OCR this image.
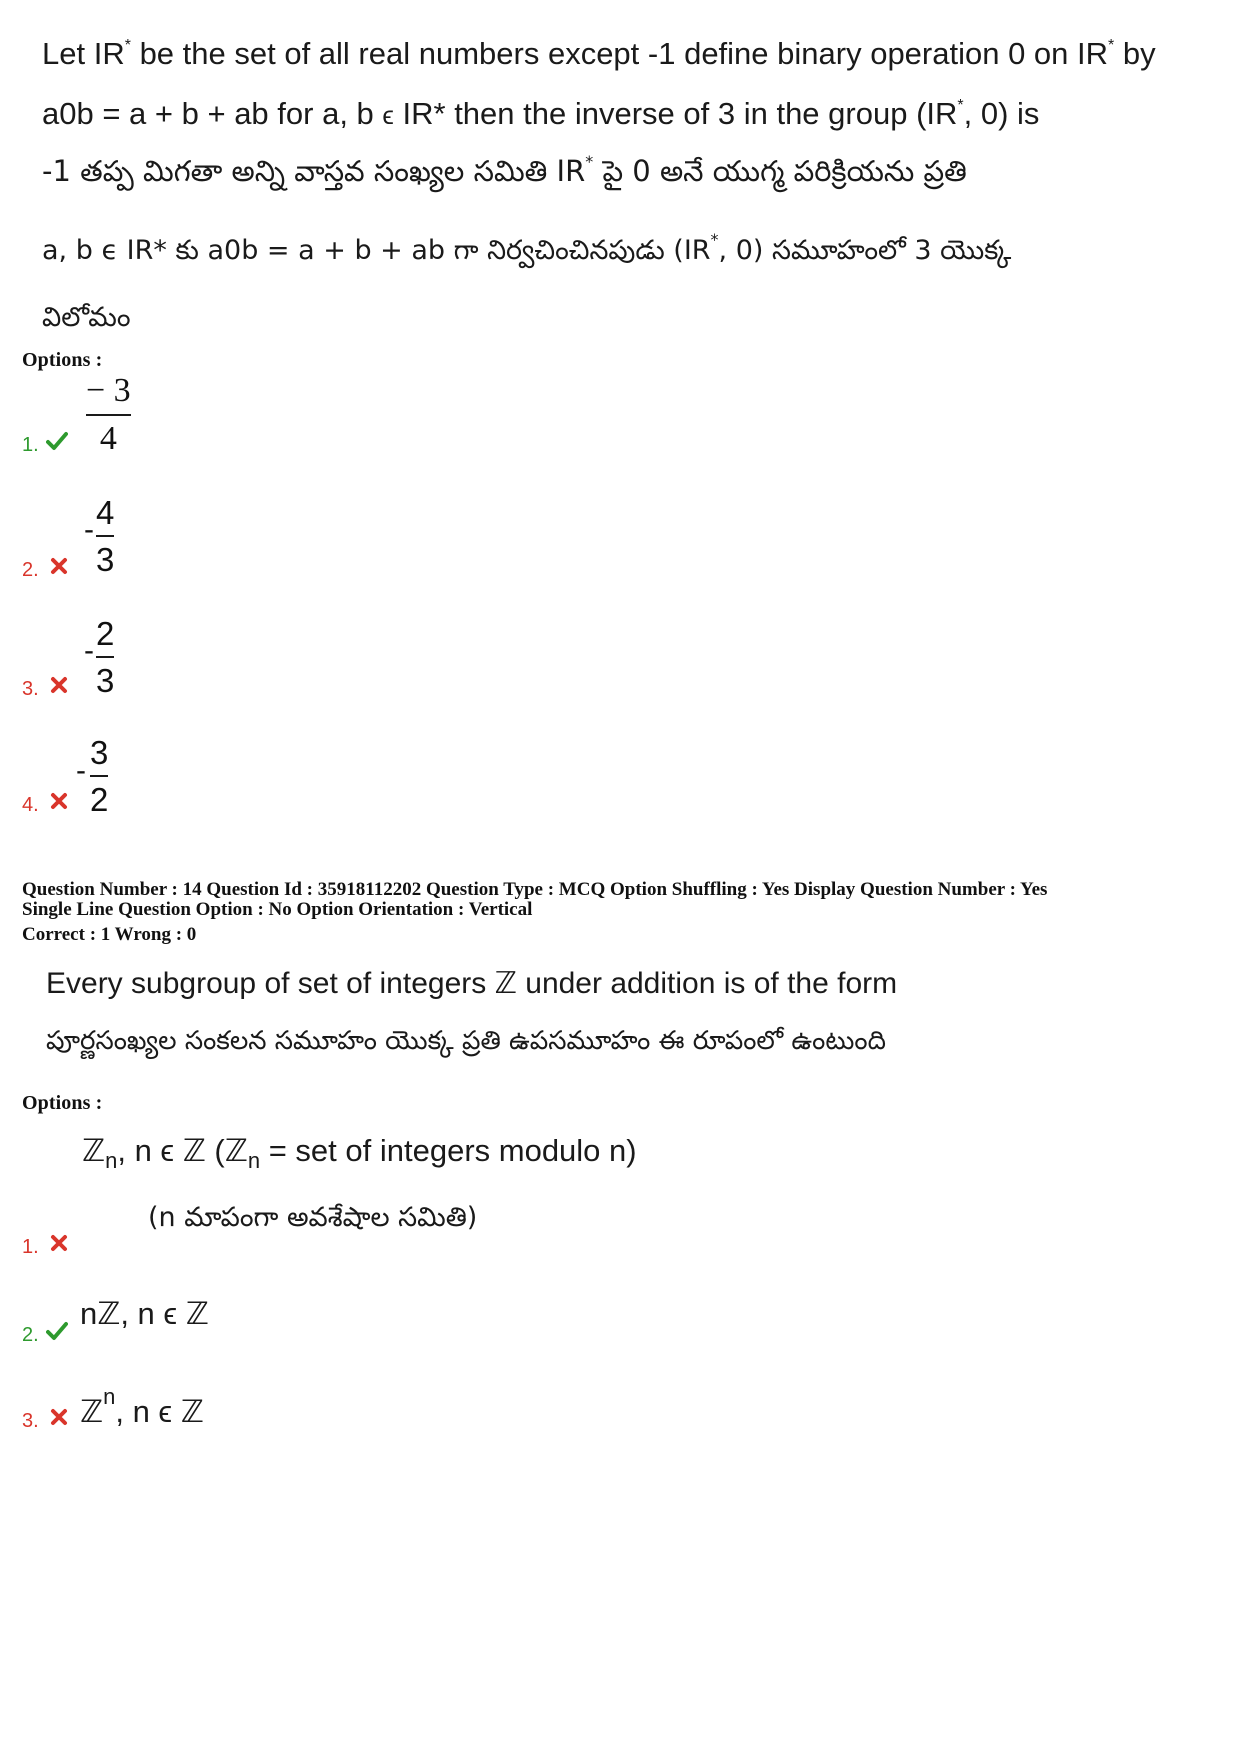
Let IR* be the set of all real numbers except -1 define binary operation 0 on IR* by
a0b = a + b + ab for a, b ϵ IR* then the inverse of 3 in the group (IR*, 0) is
-1 తప్ప మిగతా అన్ని వాస్తవ సంఖ్యల సమితి IR* పై 0 అనే యుగ్మ పరిక్రియను ప్రతి
a, b ϵ IR* కు a0b = a + b + ab గా నిర్వచించినపుడు (IR*, 0) సమూహంలో 3 యొక్క
విలోమం
Options :
1.
− 3
4
2.
- 4
3
3.
- 2
3
4.
- 3
2
Question Number : 14 Question Id : 35918112202 Question Type : MCQ Option Shuffling : Yes Display Question Number : Yes
Single Line Question Option : No Option Orientation : Vertical
Correct : 1 Wrong : 0
Every subgroup of set of integers ℤ under addition is of the form
పూర్ణసంఖ్యల సంకలన సమూహం యొక్క ప్రతి ఉపసమూహం ఈ రూపంలో ఉంటుంది
Options :
ℤ$_n$, n ϵ ℤ (ℤ$_n$ = set of integers modulo n)
(n మాపంగా అవశేషాల సమితి)
1.
2.
nℤ, n ϵ ℤ
3. ℤ$^n$, n ϵ ℤ
